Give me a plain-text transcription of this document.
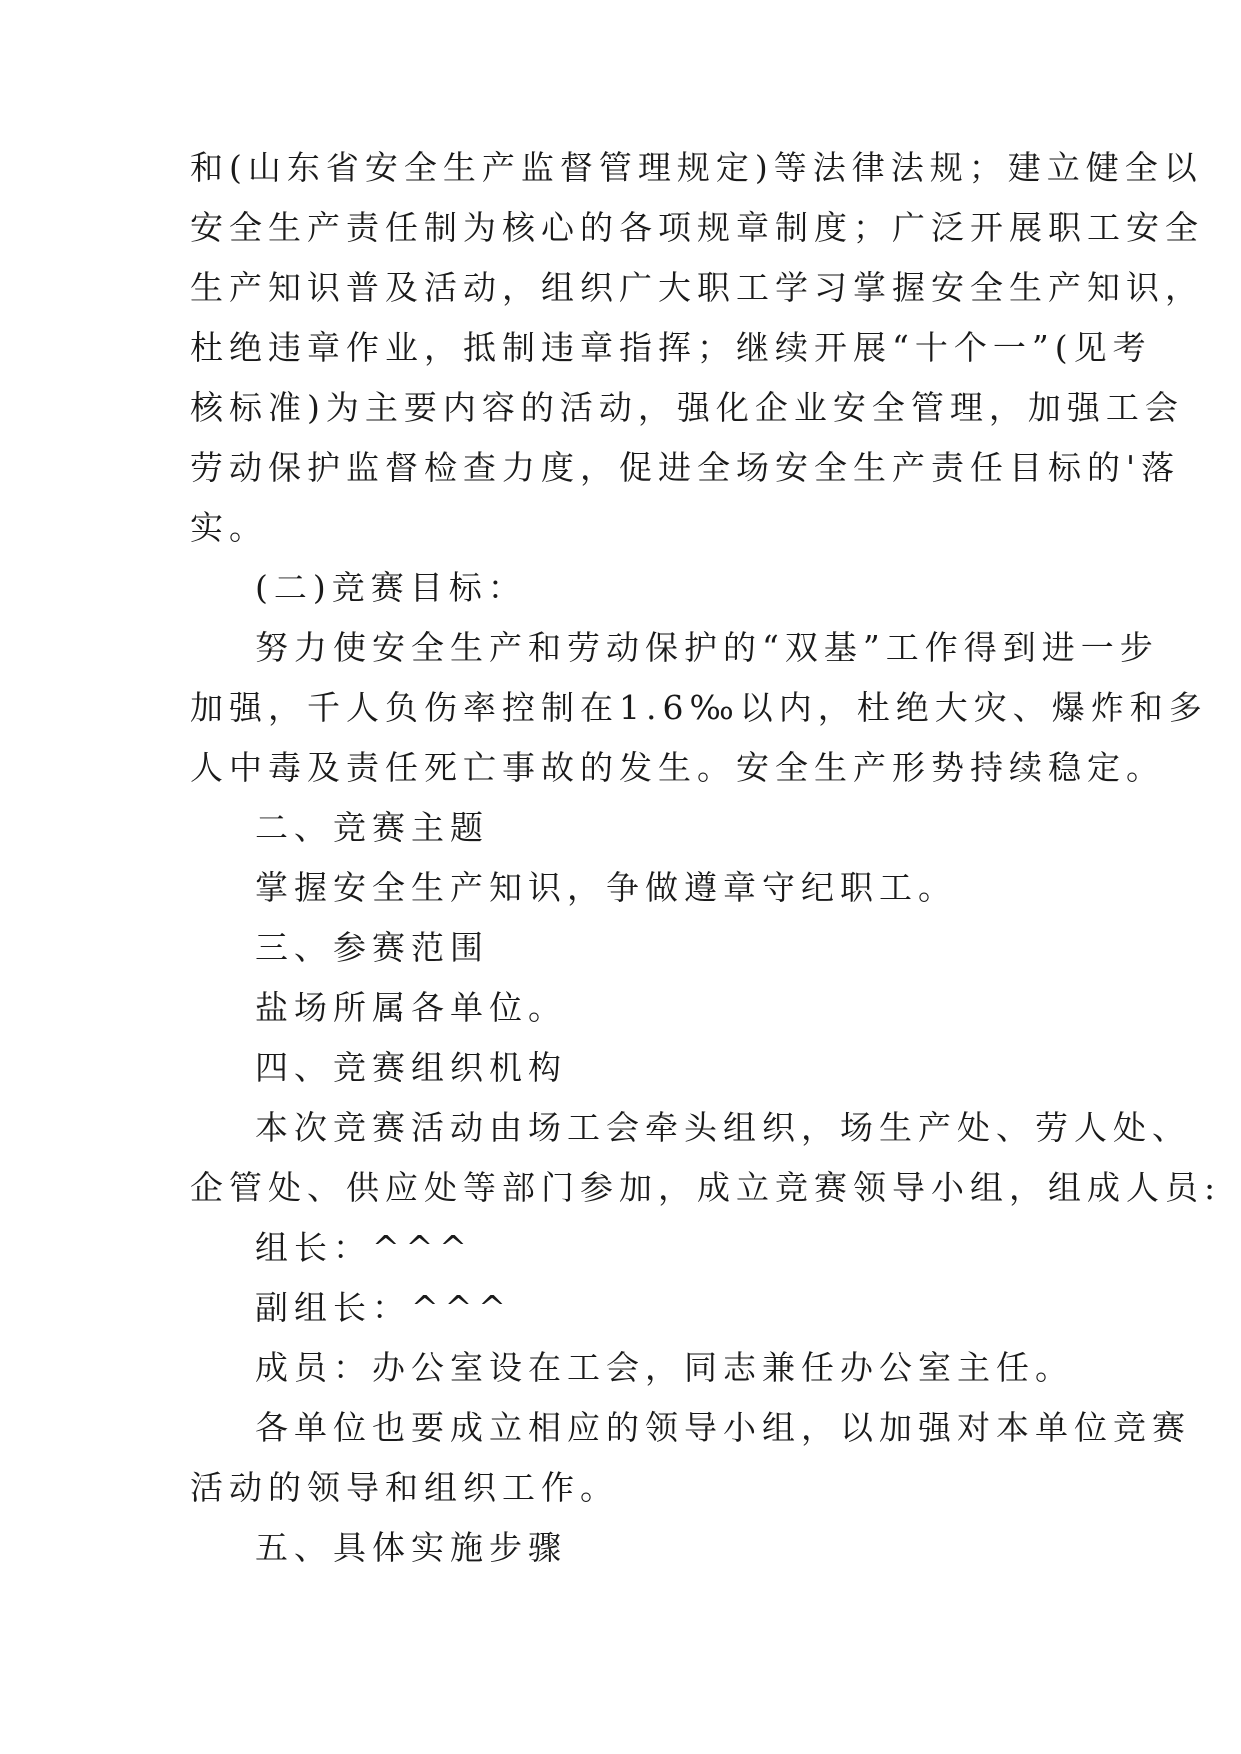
和(山东省安全生产监督管理规定)等法律法规；建立健全以
安全生产责任制为核心的各项规章制度；广泛开展职工安全
生产知识普及活动，组织广大职工学习掌握安全生产知识，
杜绝违章作业，抵制违章指挥；继续开展“十个一”(见考
核标准)为主要内容的活动，强化企业安全管理，加强工会
劳动保护监督检查力度，促进全场安全生产责任目标的'落
实。
(二)竞赛目标：
努力使安全生产和劳动保护的“双基”工作得到进一步
加强，千人负伤率控制在1.6‰以内，杜绝大灾、爆炸和多
人中毒及责任死亡事故的发生。安全生产形势持续稳定。
二、竞赛主题
掌握安全生产知识，争做遵章守纪职工。
三、参赛范围
盐场所属各单位。
四、竞赛组织机构
本次竞赛活动由场工会牵头组织，场生产处、劳人处、
企管处、供应处等部门参加，成立竞赛领导小组，组成人员:
组长：^^^
副组长：^^^
成员：办公室设在工会，同志兼任办公室主任。
各单位也要成立相应的领导小组，以加强对本单位竞赛
活动的领导和组织工作。
五、具体实施步骤
